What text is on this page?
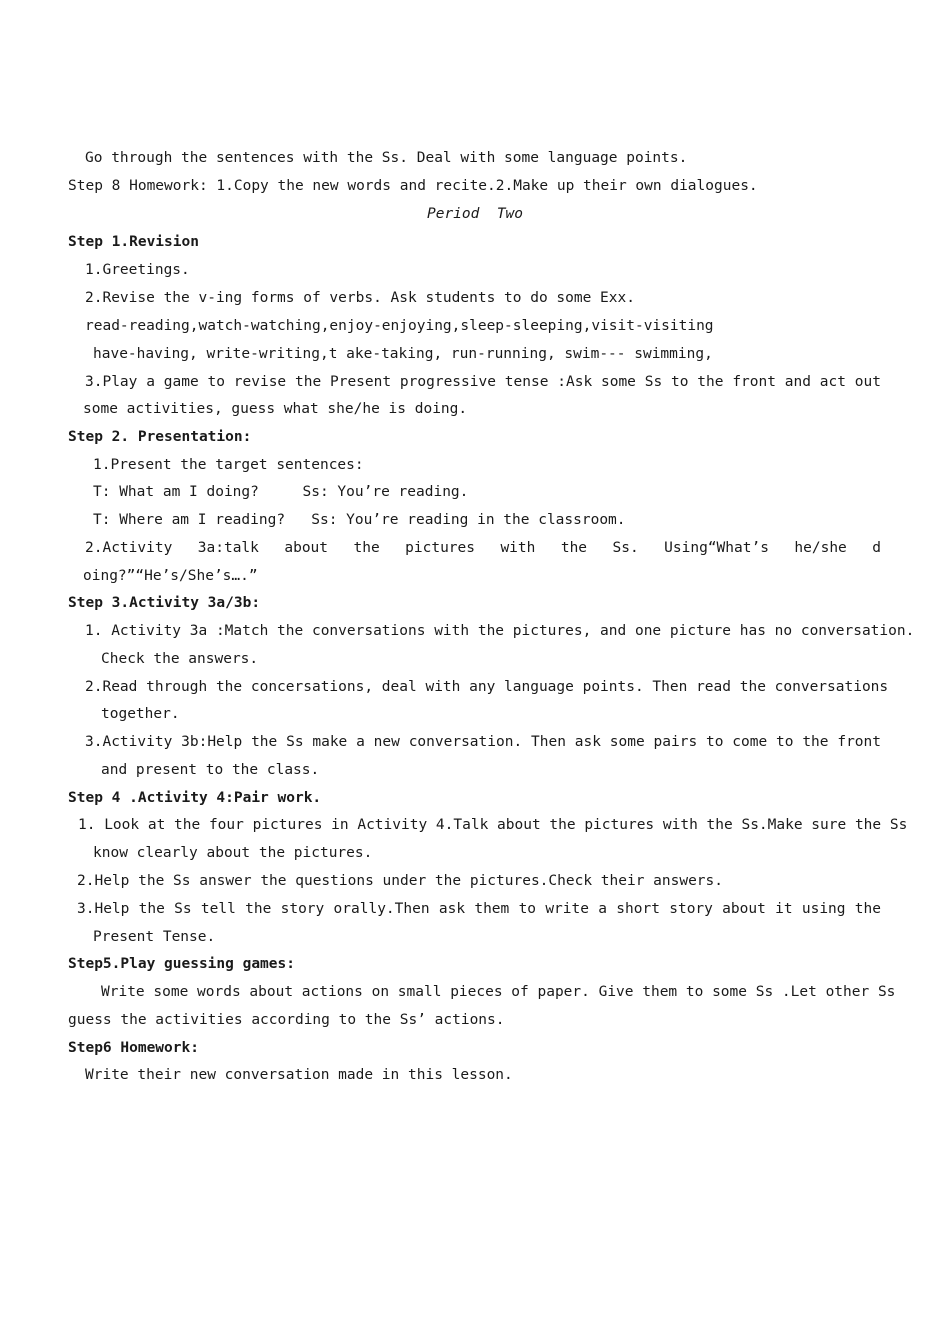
Go through the sentences with the Ss. Deal with some language points.
Step 8 Homework: 1.Copy the new words and recite.2.Make up their own dialogues.
Period  Two
Step 1.Revision
1.Greetings.
2.Revise the v-ing forms of verbs. Ask students to do some Exx.
read-reading,watch-watching,enjoy-enjoying,sleep-sleeping,visit-visiting
have-having, write-writing,t ake-taking, run-running, swim--- swimming,
3.Play a game to revise the Present progressive tense :Ask some Ss to the front and act out
some activities, guess what she/he is doing.
Step 2. Presentation:
1.Present the target sentences:
T: What am I doing?     Ss: You’re reading.
T: Where am I reading?   Ss: You’re reading in the classroom.
2.Activity  3a:talk  about  the  pictures  with  the  Ss.  Using“What’s  he/she  d
oing?”“He’s/She’s….”
Step 3.Activity 3a/3b:
1. Activity 3a :Match the conversations with the pictures, and one picture has no conversation.
Check the answers.
2.Read through the concersations, deal with any language points. Then read the conversations
together.
3.Activity 3b:Help the Ss make a new conversation. Then ask some pairs to come to the front
and present to the class.
Step 4 .Activity 4:Pair work.
1. Look at the four pictures in Activity 4.Talk about the pictures with the Ss.Make sure the Ss
know clearly about the pictures.
2.Help the Ss answer the questions under the pictures.Check their answers.
3.Help the Ss tell the story orally.Then ask them to write a short story about it using the
Present Tense.
Step5.Play guessing games:
Write some words about actions on small pieces of paper. Give them to some Ss .Let other Ss
guess the activities according to the Ss’ actions.
Step6 Homework:
Write their new conversation made in this lesson.
